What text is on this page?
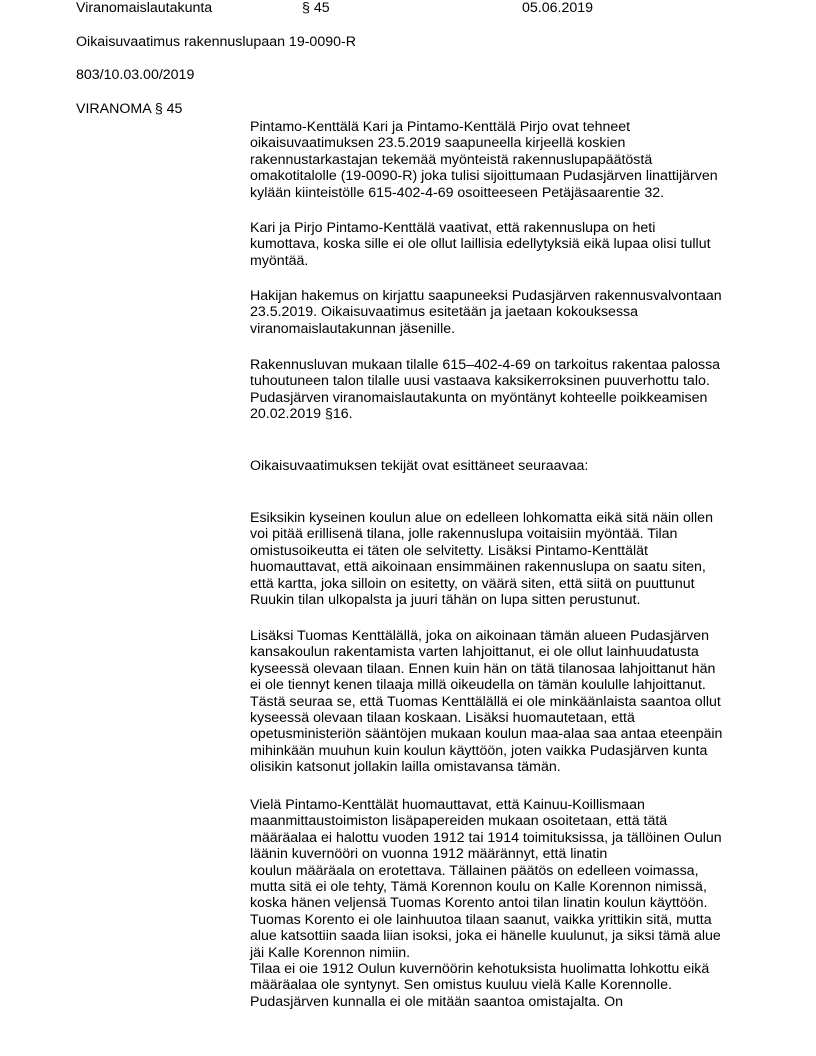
Viranomaislautakunta	§ 45	05.06.2019
Oikaisuvaatimus rakennuslupaan 19-0090-R
803/10.03.00/2019
VIRANOMA § 45

Pintamo-Kenttälä Kari ja Pintamo-Kenttälä Pirjo ovat tehneet
oikaisuvaatimuksen 23.5.2019 saapuneella kirjeellä koskien
rakennustarkastajan tekemää myönteistä rakennuslupapäätöstä
omakotitalolle (19-0090-R) joka tulisi sijoittumaan Pudasjärven linattijärven
kylään kiinteistölle 615-402-4-69 osoitteeseen Petäjäsaarentie 32.

Kari ja Pirjo Pintamo-Kenttälä vaativat, että rakennuslupa on heti
kumottava, koska sille ei ole ollut laillisia edellytyksiä eikä lupaa olisi tullut
myöntää.

Hakijan hakemus on kirjattu saapuneeksi Pudasjärven rakennusvalvontaan
23.5.2019. Oikaisuvaatimus esitetään ja jaetaan kokouksessa
viranomaislautakunnan jäsenille.

Rakennusluvan mukaan tilalle 615–402-4-69 on tarkoitus rakentaa palossa
tuhoutuneen talon tilalle uusi vastaava kaksikerroksinen puuverhottu talo.
Pudasjärven viranomaislautakunta on myöntänyt kohteelle poikkeamisen
20.02.2019 §16.

Oikaisuvaatimuksen tekijät ovat esittäneet seuraavaa:

Esiksikin kyseinen koulun alue on edelleen lohkomatta eikä sitä näin ollen
voi pitää erillisenä tilana, jolle rakennuslupa voitaisiin myöntää. Tilan
omistusoikeutta ei täten ole selvitetty. Lisäksi Pintamo-Kenttälät
huomauttavat, että aikoinaan ensimmäinen rakennuslupa on saatu siten,
että kartta, joka silloin on esitetty, on väärä siten, että siitä on puuttunut
Ruukin tilan ulkopalsta ja juuri tähän on lupa sitten perustunut.

Lisäksi Tuomas Kenttälällä, joka on aikoinaan tämän alueen Pudasjärven
kansakoulun rakentamista varten lahjoittanut, ei ole ollut lainhuudatusta
kyseessä olevaan tilaan. Ennen kuin hän on tätä tilanosaa lahjoittanut hän
ei ole tiennyt kenen tilaaja millä oikeudella on tämän koululle lahjoittanut.
Tästä seuraa se, että Tuomas Kenttälällä ei ole minkäänlaista saantoa ollut
kyseessä olevaan tilaan koskaan. Lisäksi huomautetaan, että
opetusministeriön sääntöjen mukaan koulun maa-alaa saa antaa eteenpäin
mihinkään muuhun kuin koulun käyttöön, joten vaikka Pudasjärven kunta
olisikin katsonut jollakin lailla omistavansa tämän.

Vielä Pintamo-Kenttälät huomauttavat, että Kainuu-Koillismaan
maanmittaustoimiston lisäpapereiden mukaan osoitetaan, että tätä
määräalaa ei halottu vuoden 1912 tai 1914 toimituksissa, ja tällöinen Oulun
läänin kuvernööri on vuonna 1912 määrännyt, että linatin
koulun määräala on erotettava. Tällainen päätös on edelleen voimassa,
mutta sitä ei ole tehty, Tämä Korennon koulu on Kalle Korennon nimissä,
koska hänen veljensä Tuomas Korento antoi tilan linatin koulun käyttöön.
Tuomas Korento ei ole lainhuutoa tilaan saanut, vaikka yrittikin sitä, mutta
alue katsottiin saada liian isoksi, joka ei hänelle kuulunut, ja siksi tämä alue
jäi Kalle Korennon nimiin.
Tilaa ei oie 1912 Oulun kuvernöörin kehotuksista huolimatta lohkottu eikä
määräalaa ole syntynyt. Sen omistus kuuluu vielä Kalle Korennolle.
Pudasjärven kunnalla ei ole mitään saantoa omistajalta. On
